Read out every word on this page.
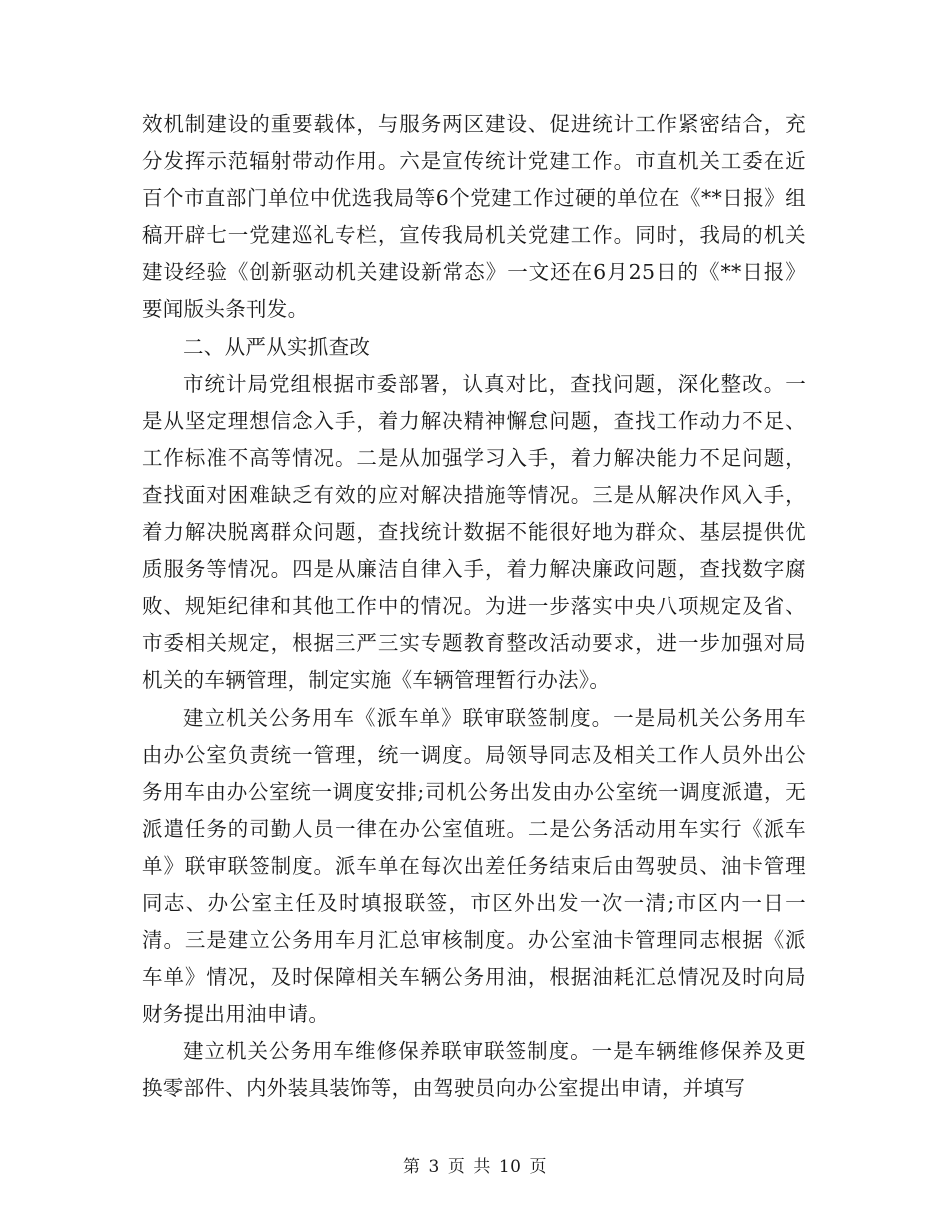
效机制建设的重要载体，与服务两区建设、促进统计工作紧密结合，充分发挥示范辐射带动作用。六是宣传统计党建工作。市直机关工委在近百个市直部门单位中优选我局等6个党建工作过硬的单位在《**日报》组稿开辟七一党建巡礼专栏，宣传我局机关党建工作。同时，我局的机关建设经验《创新驱动机关建设新常态》一文还在6月25日的《**日报》要闻版头条刊发。

二、从严从实抓查改

市统计局党组根据市委部署，认真对比，查找问题，深化整改。一是从坚定理想信念入手，着力解决精神懈怠问题，查找工作动力不足、工作标准不高等情况。二是从加强学习入手，着力解决能力不足问题，查找面对困难缺乏有效的应对解决措施等情况。三是从解决作风入手，着力解决脱离群众问题，查找统计数据不能很好地为群众、基层提供优质服务等情况。四是从廉洁自律入手，着力解决廉政问题，查找数字腐败、规矩纪律和其他工作中的情况。为进一步落实中央八项规定及省、市委相关规定，根据三严三实专题教育整改活动要求，进一步加强对局机关的车辆管理，制定实施《车辆管理暂行办法》。

建立机关公务用车《派车单》联审联签制度。一是局机关公务用车由办公室负责统一管理，统一调度。局领导同志及相关工作人员外出公务用车由办公室统一调度安排;司机公务出发由办公室统一调度派遣，无派遣任务的司勤人员一律在办公室值班。二是公务活动用车实行《派车单》联审联签制度。派车单在每次出差任务结束后由驾驶员、油卡管理同志、办公室主任及时填报联签，市区外出发一次一清;市区内一日一清。三是建立公务用车月汇总审核制度。办公室油卡管理同志根据《派车单》情况，及时保障相关车辆公务用油，根据油耗汇总情况及时向局财务提出用油申请。

建立机关公务用车维修保养联审联签制度。一是车辆维修保养及更换零部件、内外装具装饰等，由驾驶员向办公室提出申请，并填写

第 3 页 共 10 页
